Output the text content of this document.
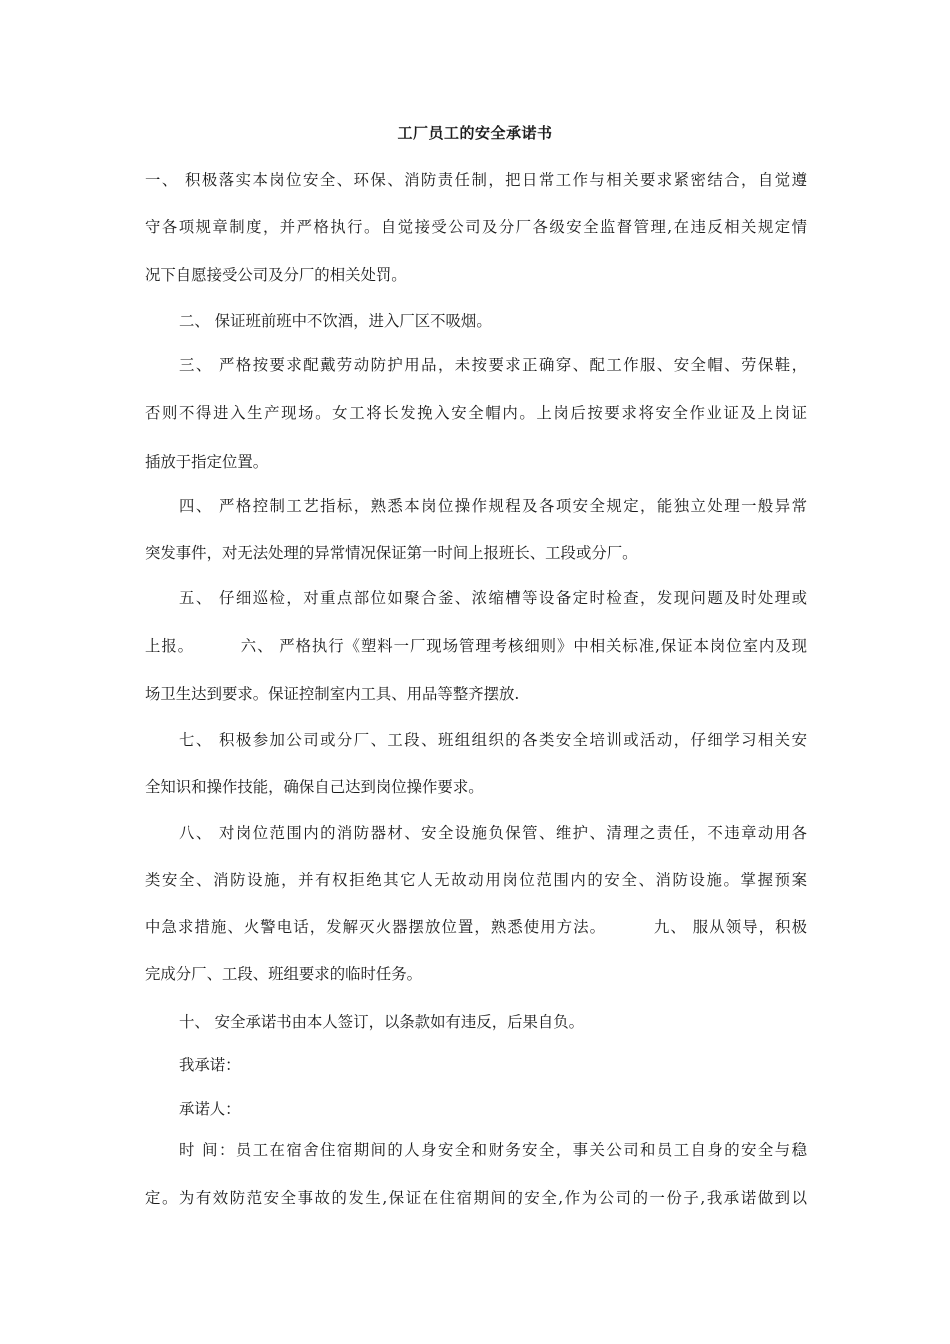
工厂员工的安全承诺书
一、 积极落实本岗位安全、环保、消防责任制，把日常工作与相关要求紧密结合，自觉遵
守各项规章制度，并严格执行。自觉接受公司及分厂各级安全监督管理,在违反相关规定情
况下自愿接受公司及分厂的相关处罚。
二、 保证班前班中不饮酒，进入厂区不吸烟。
三、 严格按要求配戴劳动防护用品，未按要求正确穿、配工作服、安全帽、劳保鞋，
否则不得进入生产现场。女工将长发挽入安全帽内。上岗后按要求将安全作业证及上岗证
插放于指定位置。
四、 严格控制工艺指标，熟悉本岗位操作规程及各项安全规定，能独立处理一般异常
突发事件，对无法处理的异常情况保证第一时间上报班长、工段或分厂。
五、 仔细巡检，对重点部位如聚合釜、浓缩槽等设备定时检查，发现问题及时处理或
上报。        六、 严格执行《塑料一厂现场管理考核细则》中相关标准,保证本岗位室内及现
场卫生达到要求。保证控制室内工具、用品等整齐摆放.
七、 积极参加公司或分厂、工段、班组组织的各类安全培训或活动，仔细学习相关安
全知识和操作技能，确保自己达到岗位操作要求。
八、 对岗位范围内的消防器材、安全设施负保管、维护、清理之责任，不违章动用各
类安全、消防设施，并有权拒绝其它人无故动用岗位范围内的安全、消防设施。掌握预案
中急求措施、火警电话，发解灭火器摆放位置，熟悉使用方法。        九、 服从领导，积极
完成分厂、工段、班组要求的临时任务。
十、 安全承诺书由本人签订，以条款如有违反，后果自负。
我承诺：
承诺人：
时 间：员工在宿舍住宿期间的人身安全和财务安全，事关公司和员工自身的安全与稳
定。为有效防范安全事故的发生,保证在住宿期间的安全,作为公司的一份子,我承诺做到以
